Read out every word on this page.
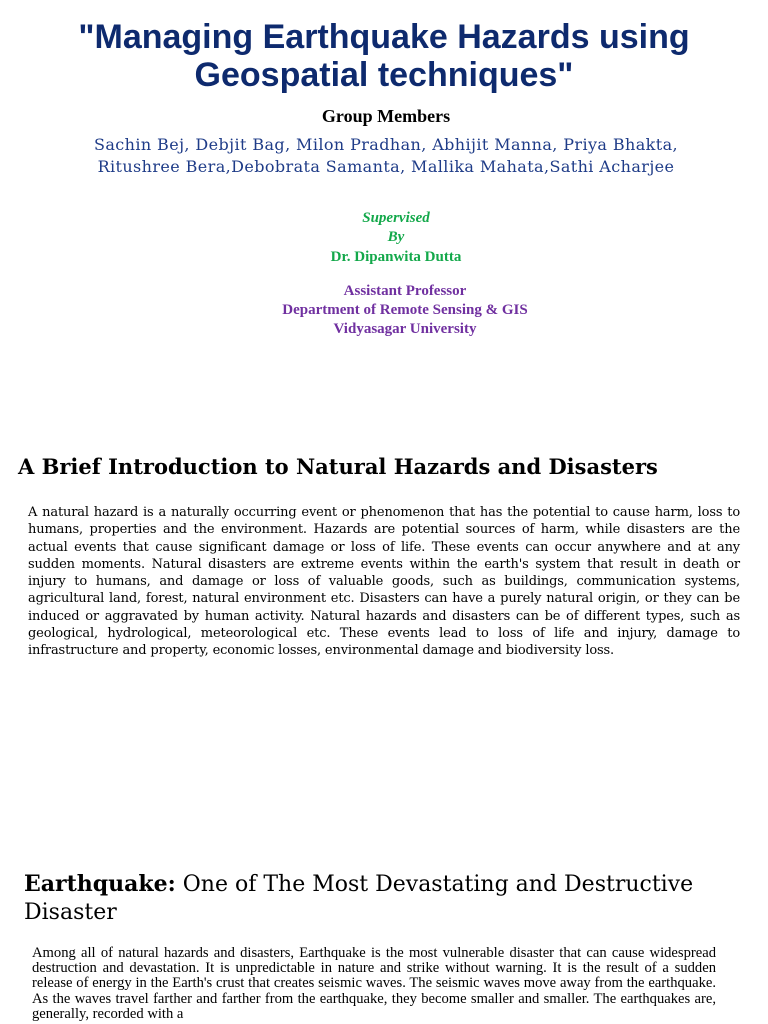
"Managing Earthquake Hazards using Geospatial techniques"
Group Members
Sachin Bej, Debjit Bag, Milon Pradhan, Abhijit Manna, Priya Bhakta,
Ritushree Bera,Debobrata Samanta, Mallika Mahata,Sathi Acharjee
Supervised
By
Dr. Dipanwita Dutta
Assistant Professor
Department of Remote Sensing & GIS
Vidyasagar University
A Brief Introduction to Natural Hazards and Disasters
A natural hazard is a naturally occurring event or phenomenon that has the potential to cause harm, loss to humans, properties and the environment. Hazards are potential sources of harm, while disasters are the actual events that cause significant damage or loss of life. These events can occur anywhere and at any sudden moments. Natural disasters are extreme events within the earth's system that result in death or injury to humans, and damage or loss of valuable goods, such as buildings, communication systems, agricultural land, forest, natural environment etc. Disasters can have a purely natural origin, or they can be induced or aggravated by human activity. Natural hazards and disasters can be of different types, such as geological, hydrological, meteorological etc. These events lead to loss of life and injury, damage to infrastructure and property, economic losses, environmental damage and biodiversity loss.
Earthquake: One of The Most Devastating and Destructive Disaster
Among all of natural hazards and disasters, Earthquake is the most vulnerable disaster that can cause widespread destruction and devastation. It is unpredictable in nature and strike without warning. It is the result of a sudden release of energy in the Earth's crust that creates seismic waves. The seismic waves move away from the earthquake. As the waves travel farther and farther from the earthquake, they become smaller and smaller. The earthquakes are, generally, recorded with a
